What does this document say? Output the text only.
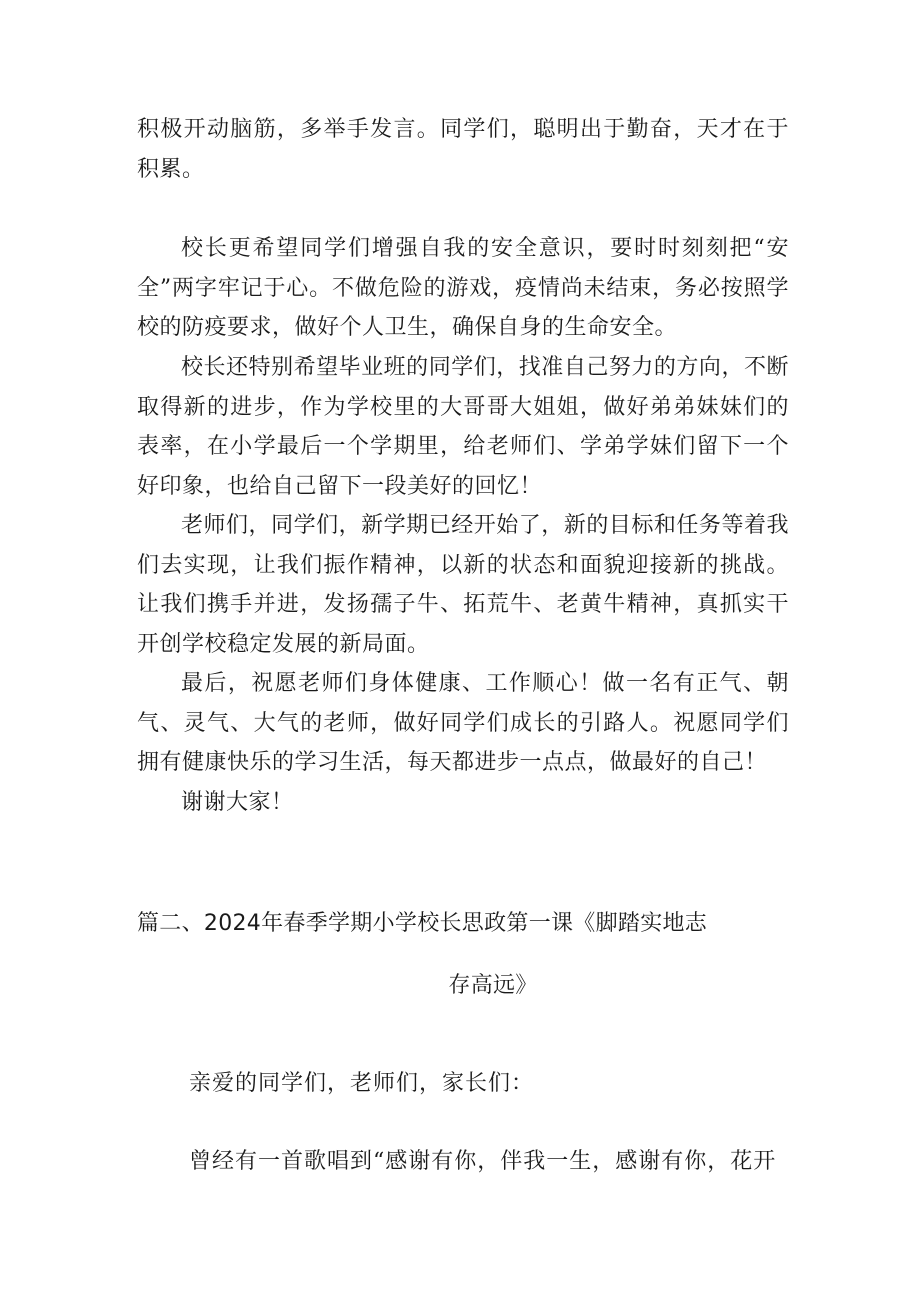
积极开动脑筋，多举手发言。同学们，聪明出于勤奋，天才在于积累。

校长更希望同学们增强自我的安全意识，要时时刻刻把“安全”两字牢记于心。不做危险的游戏，疫情尚未结束，务必按照学校的防疫要求，做好个人卫生，确保自身的生命安全。

校长还特别希望毕业班的同学们，找准自己努力的方向，不断取得新的进步，作为学校里的大哥哥大姐姐，做好弟弟妹妹们的表率，在小学最后一个学期里，给老师们、学弟学妹们留下一个好印象，也给自己留下一段美好的回忆！

老师们，同学们，新学期已经开始了，新的目标和任务等着我们去实现，让我们振作精神，以新的状态和面貌迎接新的挑战。让我们携手并进，发扬孺子牛、拓荒牛、老黄牛精神，真抓实干开创学校稳定发展的新局面。

最后，祝愿老师们身体健康、工作顺心！做一名有正气、朝气、灵气、大气的老师，做好同学们成长的引路人。祝愿同学们拥有健康快乐的学习生活，每天都进步一点点，做最好的自己！

谢谢大家！

篇二、2024年春季学期小学校长思政第一课《脚踏实地志
存高远》

亲爱的同学们，老师们，家长们：

曾经有一首歌唱到“感谢有你，伴我一生，感谢有你，花开
